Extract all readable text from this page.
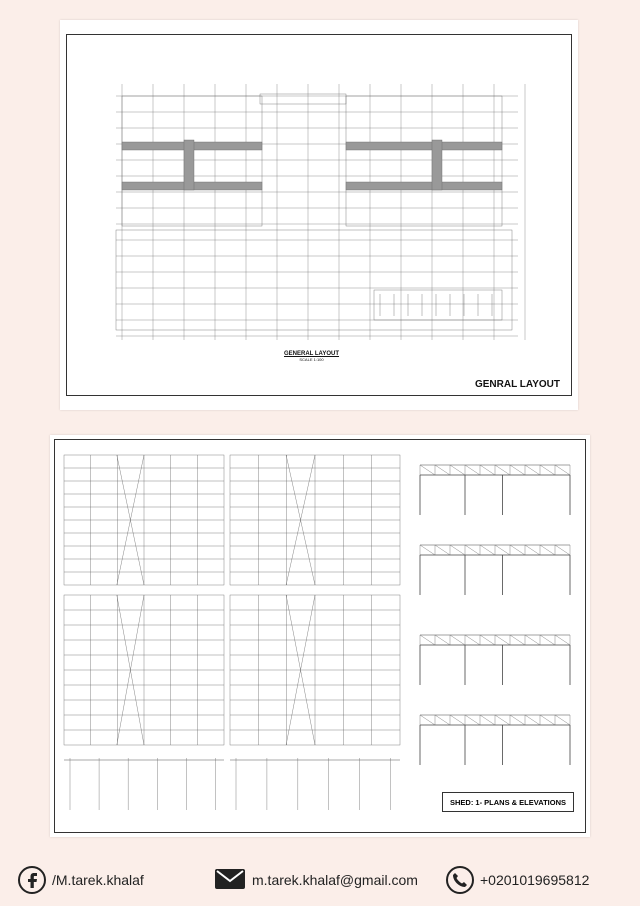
GENERAL LAYOUT
SCALE 1:100
GENRAL LAYOUT
SHED: 1- PLANS & ELEVATIONS
/M.tarek.khalaf	m.tarek.khalaf@gmail.com	+0201019695812
